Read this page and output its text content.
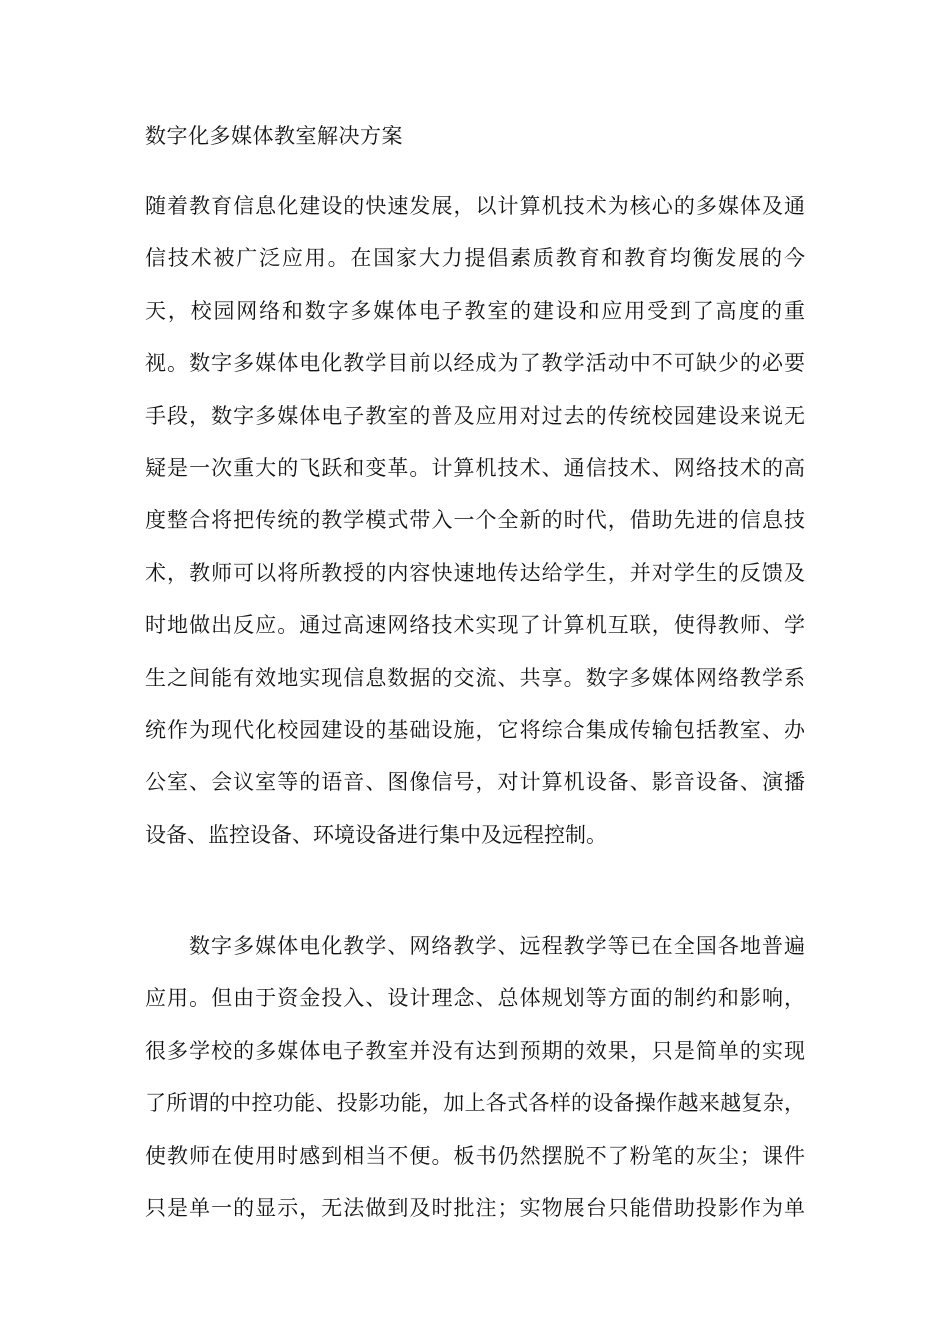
数字化多媒体教室解决方案
随着教育信息化建设的快速发展，以计算机技术为核心的多媒体及通
信技术被广泛应用。在国家大力提倡素质教育和教育均衡发展的今
天，校园网络和数字多媒体电子教室的建设和应用受到了高度的重
视。数字多媒体电化教学目前以经成为了教学活动中不可缺少的必要
手段，数字多媒体电子教室的普及应用对过去的传统校园建设来说无
疑是一次重大的飞跃和变革。计算机技术、通信技术、网络技术的高
度整合将把传统的教学模式带入一个全新的时代，借助先进的信息技
术，教师可以将所教授的内容快速地传达给学生，并对学生的反馈及
时地做出反应。通过高速网络技术实现了计算机互联，使得教师、学
生之间能有效地实现信息数据的交流、共享。数字多媒体网络教学系
统作为现代化校园建设的基础设施，它将综合集成传输包括教室、办
公室、会议室等的语音、图像信号，对计算机设备、影音设备、演播
设备、监控设备、环境设备进行集中及远程控制。
数字多媒体电化教学、网络教学、远程教学等已在全国各地普遍
应用。但由于资金投入、设计理念、总体规划等方面的制约和影响，
很多学校的多媒体电子教室并没有达到预期的效果，只是简单的实现
了所谓的中控功能、投影功能，加上各式各样的设备操作越来越复杂，
使教师在使用时感到相当不便。板书仍然摆脱不了粉笔的灰尘；课件
只是单一的显示，无法做到及时批注；实物展台只能借助投影作为单
